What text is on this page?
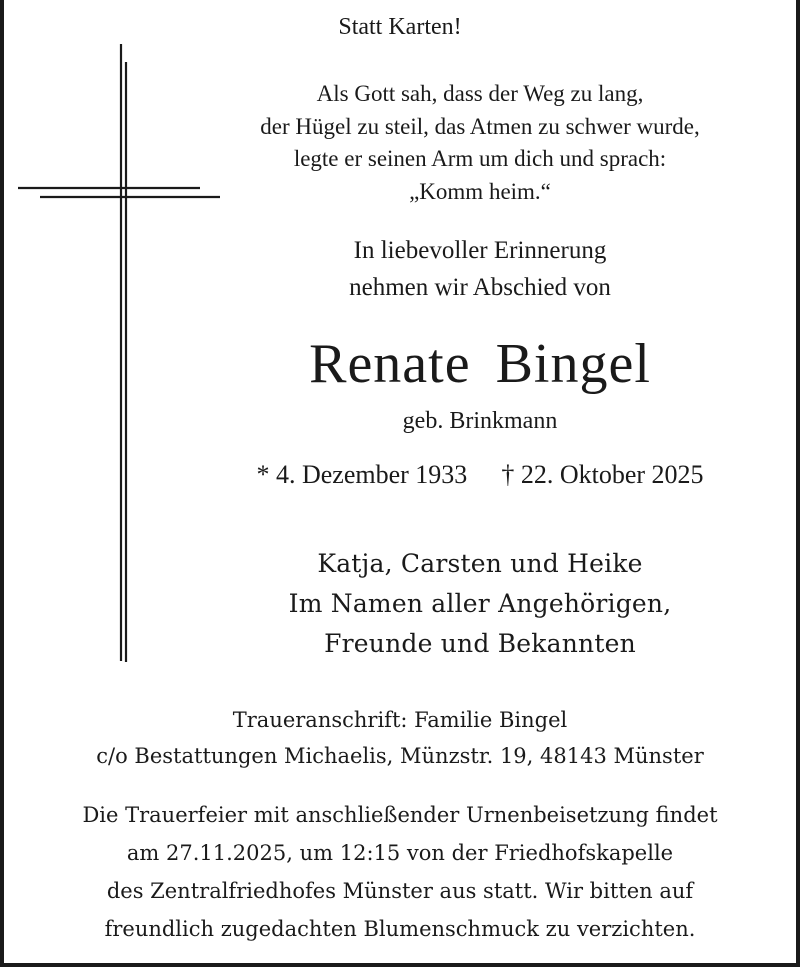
Statt Karten!
Als Gott sah, dass der Weg zu lang,
der Hügel zu steil, das Atmen zu schwer wurde,
legte er seinen Arm um dich und sprach:
„Komm heim.“
In liebevoller Erinnerung
nehmen wir Abschied von
Renate Bingel
geb. Brinkmann
* 4. Dezember 1933 † 22. Oktober 2025
Katja, Carsten und Heike
Im Namen aller Angehörigen,
Freunde und Bekannten
Traueranschrift: Familie Bingel
c/o Bestattungen Michaelis, Münzstr. 19, 48143 Münster
Die Trauerfeier mit anschließender Urnenbeisetzung findet
am 27.11.2025, um 12:15 von der Friedhofskapelle
des Zentralfriedhofes Münster aus statt. Wir bitten auf
freundlich zugedachten Blumenschmuck zu verzichten.
